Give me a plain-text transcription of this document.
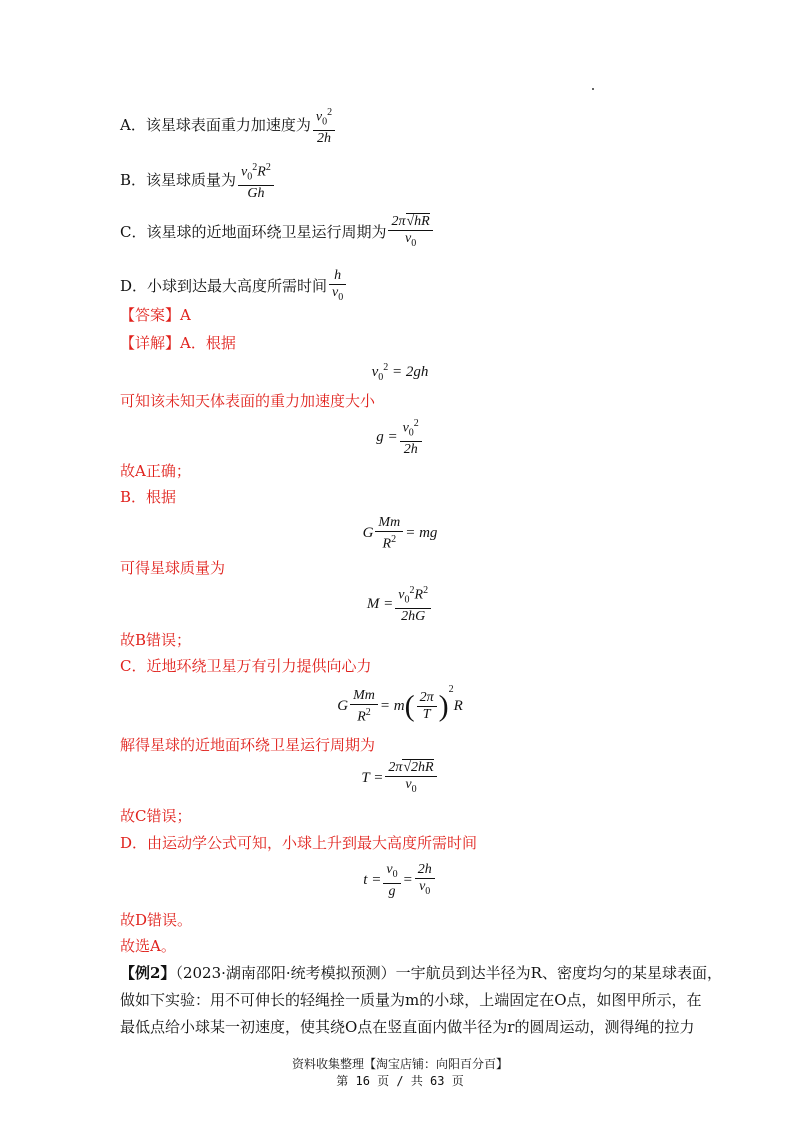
A．该星球表面重力加速度为 $\frac{v_0^2}{2h}$
B．该星球质量为 $\frac{v_0^2R^2}{Gh}$
C．该星球的近地面环绕卫星运行周期为 $\frac{2\pi√hR}{v_0}$
D．小球到达最大高度所需时间 $\frac{h}{v_0}$
【答案】A
【详解】A．根据
$v_0^2 = 2gh$
可知该未知天体表面的重力加速度大小
$g = \frac{v_0^2}{2h}$
故A正确；
B．根据
G $\frac{Mm}{R^2}$ = mg
可得星球质量为
$M = \frac{v_0^2R^2}{2hG}$
故B错误；
C．近地环绕卫星万有引力提供向心力
G $\frac{Mm}{R^2} = m( \frac{2\pi}{T} )^2R$
解得星球的近地面环绕卫星运行周期为
$T = \frac{2\pi√2hR}{v_0}$
故C错误；
D．由运动学公式可知，小球上升到最大高度所需时间
$t = \frac{v_0}{g} = \frac{2h}{v_0}$
故D错误。
故选A。
【例2】（2023·湖南邵阳·统考模拟预测）一宇航员到达半径为R、密度均匀的某星球表面，
做如下实验：用不可伸长的轻绳拴一质量为m的小球，上端固定在O点，如图甲所示，在
最低点给小球某一初速度，使其绕O点在竖直面内做半径为r的圆周运动，测得绳的拉力
资料收集整理【淘宝店铺：向阳百分百】
第 16 页 / 共 63 页
